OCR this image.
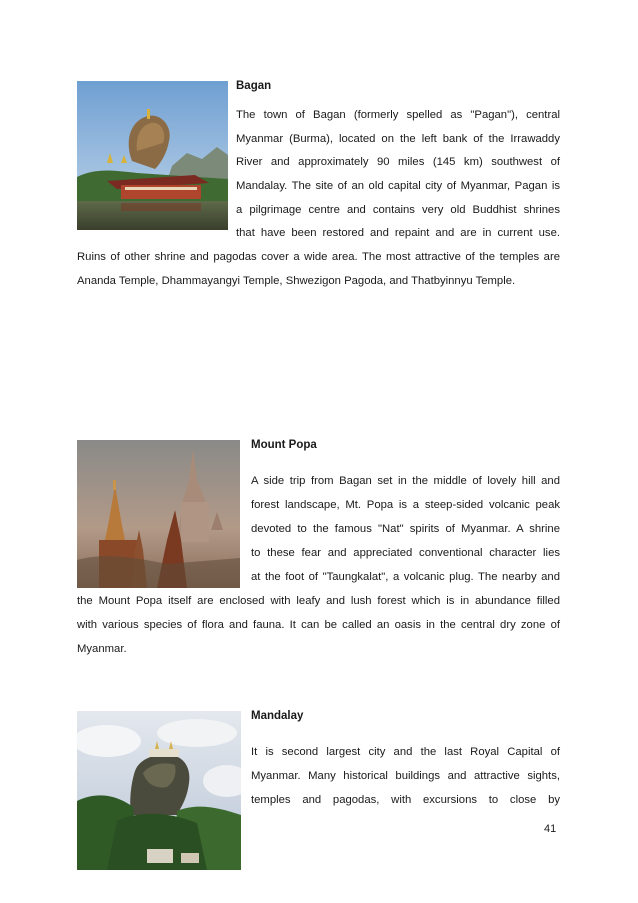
Bagan

The town of Bagan (formerly spelled as "Pagan"), central

Myanmar (Burma), located on the left bank of the Irrawaddy

River and approximately 90 miles (145 km) southwest of

Mandalay. The site of an old capital city of Myanmar, Pagan is

a pilgrimage centre and contains very old Buddhist shrines

that have been restored and repaint and are in current use.

Ruins of other shrine and pagodas cover a wide area. The most attractive of the temples are

Ananda Temple, Dhammayangyi Temple, Shwezigon Pagoda, and Thatbyinnyu Temple.

Mount Popa

A side trip from Bagan set in the middle of lovely hill and

forest landscape, Mt. Popa is a steep-sided volcanic peak

devoted to the famous "Nat" spirits of Myanmar. A shrine

to these fear and appreciated conventional character lies

at the foot of "Taungkalat", a volcanic plug. The nearby and

the Mount Popa itself are enclosed with leafy and lush forest which is in abundance filled

with various species of flora and fauna. It can be called an oasis in the central dry zone of

Myanmar.

Mandalay

It is second largest city and the last Royal Capital of

Myanmar. Many historical buildings and attractive sights,

temples and pagodas, with excursions to close by

41
